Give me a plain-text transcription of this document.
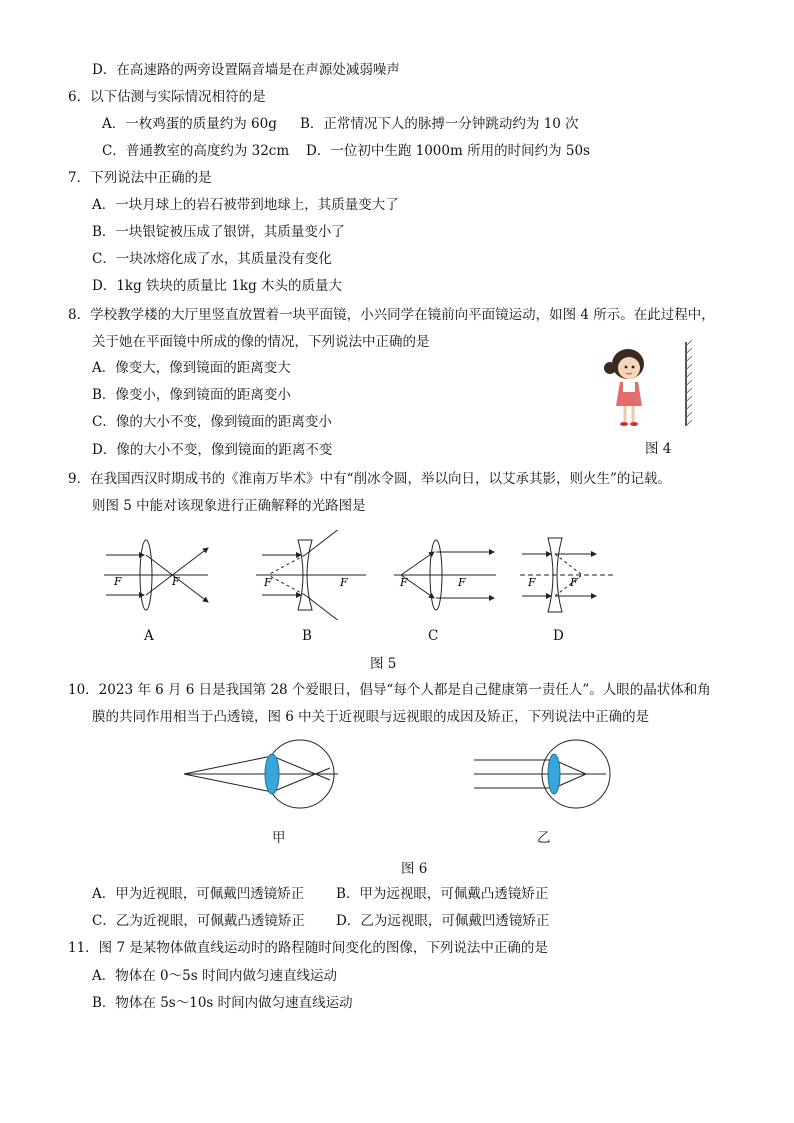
D．在高速路的两旁设置隔音墙是在声源处减弱噪声
6．以下估测与实际情况相符的是
A．一枚鸡蛋的质量约为 60g B．正常情况下人的脉搏一分钟跳动约为 10 次
C．普通教室的高度约为 32cm D．一位初中生跑 1000m 所用的时间约为 50s
7．下列说法中正确的是
A．一块月球上的岩石被带到地球上，其质量变大了
B．一块银锭被压成了银饼，其质量变小了
C．一块冰熔化成了水，其质量没有变化
D．1kg 铁块的质量比 1kg 木头的质量大
8．学校教学楼的大厅里竖直放置着一块平面镜，小兴同学在镜前向平面镜运动，如图 4 所示。在此过程中，
关于她在平面镜中所成的像的情况，下列说法中正确的是
A．像变大，像到镜面的距离变大
B．像变小，像到镜面的距离变小
C．像的大小不变，像到镜面的距离变小
D．像的大小不变，像到镜面的距离不变	图 4
9．在我国西汉时期成书的《淮南万毕术》中有“削冰令圆，举以向日，以艾承其影，则火生”的记载。
则图 5 中能对该现象进行正确解释的光路图是
F	F	F	F	F	F	F	F
A	B	C	D
图 5
10．2023 年 6 月 6 日是我国第 28 个爱眼日，倡导“每个人都是自己健康第一责任人”。人眼的晶状体和角
膜的共同作用相当于凸透镜，图 6 中关于近视眼与远视眼的成因及矫正，下列说法中正确的是
甲	乙
图 6
A．甲为近视眼，可佩戴凹透镜矫正 B．甲为远视眼，可佩戴凸透镜矫正
C．乙为近视眼，可佩戴凸透镜矫正 D．乙为远视眼，可佩戴凹透镜矫正
11．图 7 是某物体做直线运动时的路程随时间变化的图像，下列说法中正确的是
A．物体在 0～5s 时间内做匀速直线运动
B．物体在 5s～10s 时间内做匀速直线运动
